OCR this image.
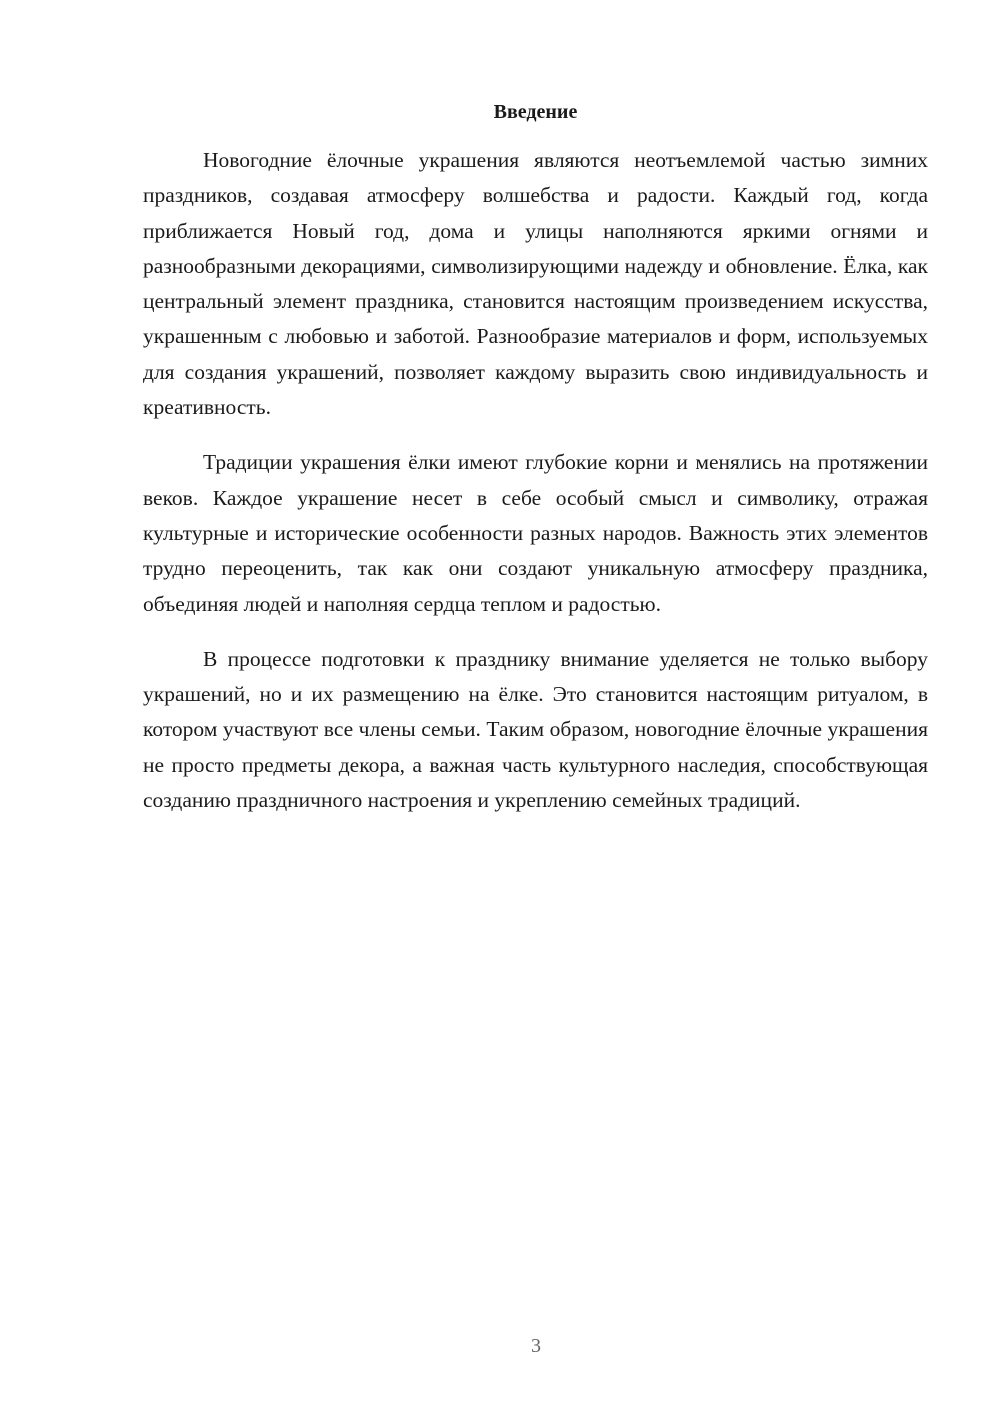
Введение

Новогодние ёлочные украшения являются неотъемлемой частью зимних праздников, создавая атмосферу волшебства и радости. Каждый год, когда приближается Новый год, дома и улицы наполняются яркими огнями и разнообразными декорациями, символизирующими надежду и обновление. Ёлка, как центральный элемент праздника, становится настоящим произведением искусства, украшенным с любовью и заботой. Разнообразие материалов и форм, используемых для создания украшений, позволяет каждому выразить свою индивидуальность и креативность.

Традиции украшения ёлки имеют глубокие корни и менялись на протяжении веков. Каждое украшение несет в себе особый смысл и символику, отражая культурные и исторические особенности разных народов. Важность этих элементов трудно переоценить, так как они создают уникальную атмосферу праздника, объединяя людей и наполняя сердца теплом и радостью.

В процессе подготовки к празднику внимание уделяется не только выбору украшений, но и их размещению на ёлке. Это становится настоящим ритуалом, в котором участвуют все члены семьи. Таким образом, новогодние ёлочные украшения не просто предметы декора, а важная часть культурного наследия, способствующая созданию праздничного настроения и укреплению семейных традиций.

3
